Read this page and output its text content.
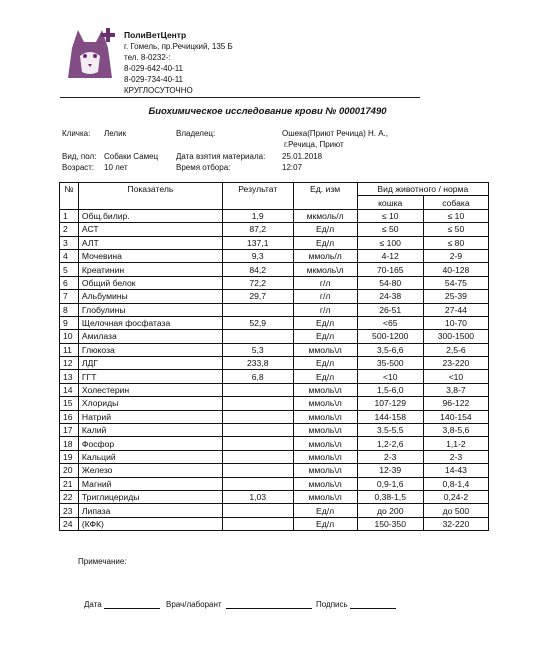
ПолиВетЦентр
г. Гомель, пр.Речицкий, 135 Б
тел. 8-0232-:
8-029-642-40-11
8-029-734-40-11
КРУГЛОСУТОЧНО
Биохимическое исследование крови № 000017490
Кличка: Лелик	Владелец:	Ошека(Приют Речица) Н. А.,
г.Речица, Приют
Вид, пол: Собаки Самец Дата взятия материала: 25.01.2018
Возраст: 10 лет	Время отбора:	12:07
№	Показатель	Результат	Ед. изм	Вид животного / норма	
				кошка	собака
1	Общ.билир.	1,9	мкмоль/л	≤ 10	≤ 10
2	АСТ	87,2	Ед/л	≤ 50	≤ 50
3	АЛТ	137,1	Ед/л	≤ 100	≤ 80
4	Мочевина	9,3	ммоль/л	4-12	2-9
5	Креатинин	84,2	мкмоль\л	70-165	40-128
6	Общий белок	72,2	г/л	54-80	54-75
7	Альбумины	29,7	г/л	24-38	25-39
8	Глобулины		г/л	26-51	27-44
9	Щелочная фосфатаза	52,9	Ед/л	<65	10-70
10	Амилаза		Ед/л	500-1200	300-1500
11	Глюкоза	5,3	ммоль\л	3,5-6,6	2,5-6
12	ЛДГ	233,8	Ед/л	35-500	23-220
13	ГГТ	6,8	Ед/л	<10	<10
14	Холестерин		ммоль\л	1,5-6,0	3,8-7
15	Хлориды		ммоль\л	107-129	96-122
16	Натрий		ммоль\л	144-158	140-154
17	Калий		ммоль\л	3.5-5.5	3,8-5,6
18	Фосфор		ммоль\л	1,2-2,6	1,1-2
19	Кальций		ммоль\л	2-3	2-3
20	Железо		ммоль\л	12-39	14-43
21	Магний		ммоль\л	0,9-1,6	0,8-1,4
22	Триглицериды	1,03	ммоль\л	0,38-1,5	0,24-2
23	Липаза		Ед/л	до 200	до 500
24	(КФК)		Ед/л	150-350	32-220
Примечание:
Дата	Врач/лаборант	Подпись
